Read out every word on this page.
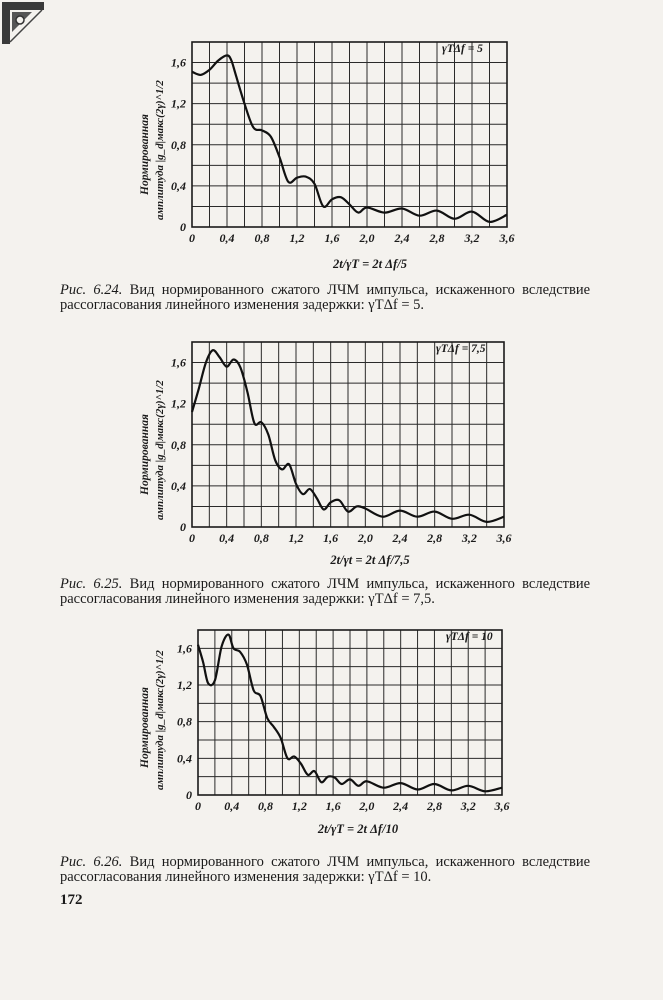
0 0,4 0,8 1,2 1,6 2,0 2,4 2,8 3,2 3,6
0
0,4
0,8
1,2
1,6
Нормированная амплитуда |g_d|макс(2γ)^1/2
2t/γT = 2t Δf/5
γTΔf = 5
Рис. 6.24. Вид нормированного сжатого ЛЧМ импульса, искаженного вследствие рассогласования линейного изменения задержки: γTΔf = 5.
0 0,4 0,8 1,2 1,6 2,0 2,4 2,8 3,2 3,6
0
0,4
0,8
1,2
1,6
Нормированная амплитуда |g_d|макс(2γ)^1/2
2t/γt = 2t Δf/7,5
γTΔf = 7,5
Рис. 6.25. Вид нормированного сжатого ЛЧМ импульса, искаженного вследствие рассогласования линейного изменения задержки: γTΔf = 7,5.
0 0,4 0,8 1,2 1,6 2,0 2,4 2,8 3,2 3,6
0
0,4
0,8
1,2
1,6
Нормированная амплитуда |g_d|макс(2γ)^1/2
2t/γT = 2t Δf/10
γTΔf = 10
Рис. 6.26. Вид нормированного сжатого ЛЧМ импульса, искаженного вследствие рассогласования линейного изменения задержки: γTΔf = 10.
172
